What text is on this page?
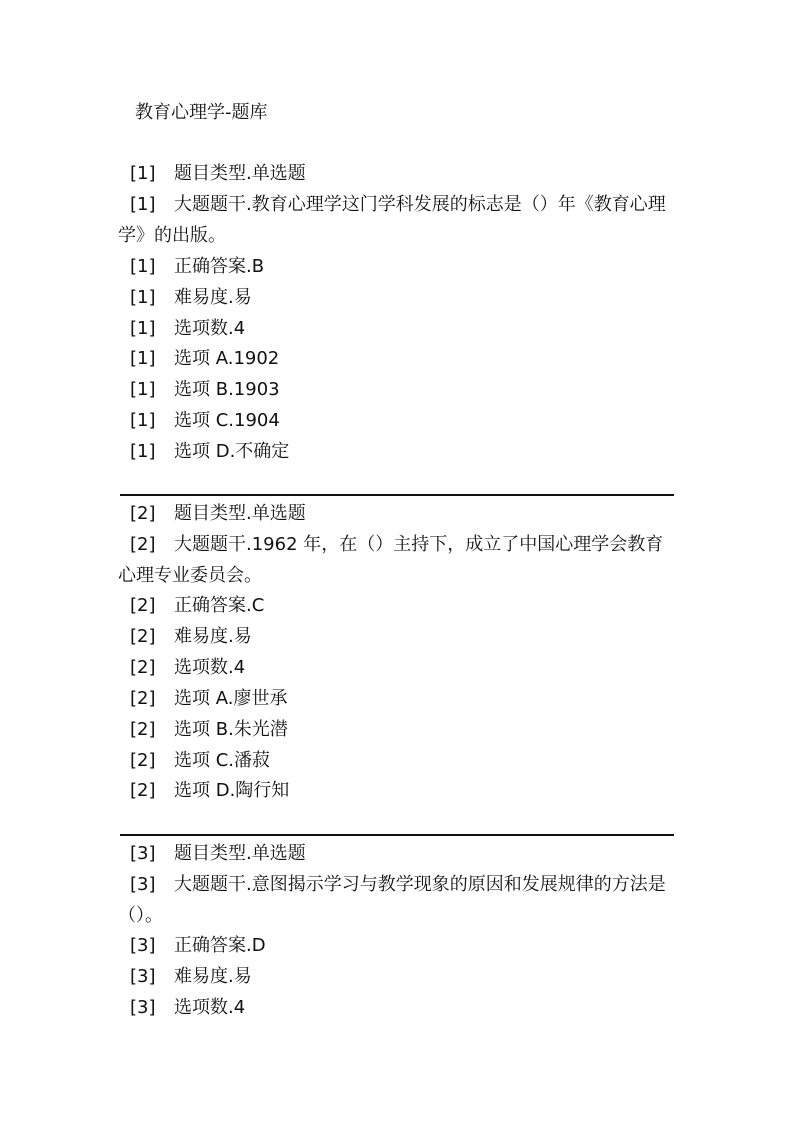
教育心理学-题库
[1] 题目类型.单选题
[1] 大题题干.教育心理学这门学科发展的标志是（）年《教育心理
学》的出版。
[1] 正确答案.B
[1] 难易度.易
[1] 选项数.4
[1] 选项 A.1902
[1] 选项 B.1903
[1] 选项 C.1904
[1] 选项 D.不确定
[2] 题目类型.单选题
[2] 大题题干.1962 年，在（）主持下，成立了中国心理学会教育
心理专业委员会。
[2] 正确答案.C
[2] 难易度.易
[2] 选项数.4
[2] 选项 A.廖世承
[2] 选项 B.朱光潜
[2] 选项 C.潘菽
[2] 选项 D.陶行知
[3] 题目类型.单选题
[3] 大题题干.意图揭示学习与教学现象的原因和发展规律的方法是
（）。
[3] 正确答案.D
[3] 难易度.易
[3] 选项数.4
